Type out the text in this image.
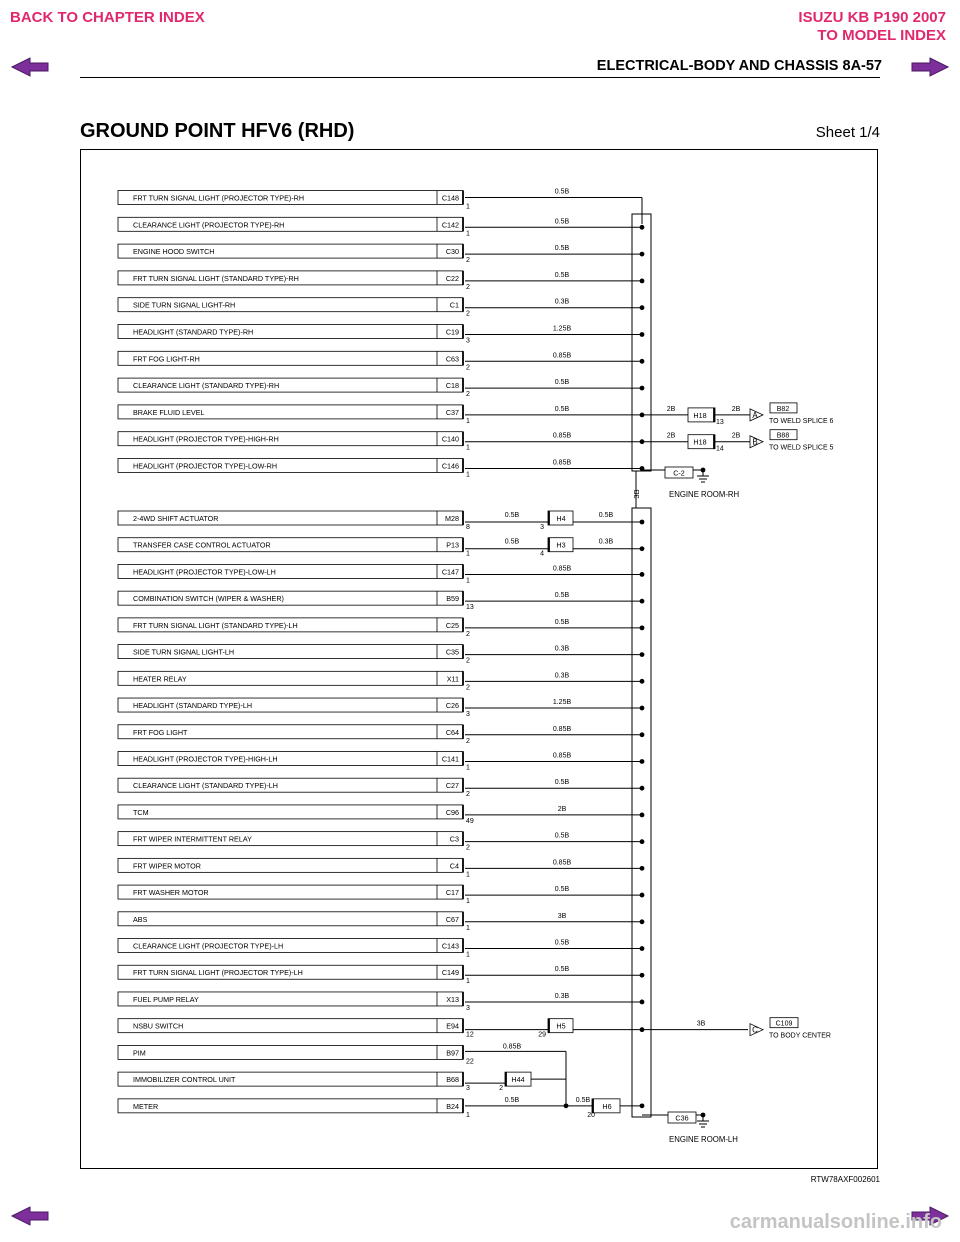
BACK TO CHAPTER INDEX	ISUZU KB P190 2007
TO MODEL INDEX
ELECTRICAL-BODY AND CHASSIS 8A-57
GROUND POINT HFV6 (RHD)	Sheet 1/4
3B
FRT TURN SIGNAL LIGHT (PROJECTOR TYPE)-RH	C148
1
0.5B
CLEARANCE LIGHT (PROJECTOR TYPE)-RH	C142
1
0.5B
ENGINE HOOD SWITCH	C30
2
0.5B
FRT TURN SIGNAL LIGHT (STANDARD TYPE)-RH	C22
2
0.5B
SIDE TURN SIGNAL LIGHT-RH	C1
2
0.3B
HEADLIGHT (STANDARD TYPE)-RH	C19
3
1.25B
FRT FOG LIGHT-RH	C63
2
0.85B
CLEARANCE LIGHT (STANDARD TYPE)-RH	C18
2
0.5B
BRAKE FLUID LEVEL	C37
1
0.5B
HEADLIGHT (PROJECTOR TYPE)-HIGH-RH	C140
1
0.85B
HEADLIGHT (PROJECTOR TYPE)-LOW-RH	C146
1
0.85B
2-4WD SHIFT ACTUATOR	M28
8
H4
3
0.5B	0.5B
TRANSFER CASE CONTROL ACTUATOR	P13
1
H3
4
0.5B	0.3B
HEADLIGHT (PROJECTOR TYPE)-LOW-LH	C147
1
0.85B
COMBINATION SWITCH (WIPER & WASHER)	B59
13
0.5B
FRT TURN SIGNAL LIGHT (STANDARD TYPE)-LH	C25
2
0.5B
SIDE TURN SIGNAL LIGHT-LH	C35
2
0.3B
HEATER RELAY	X11
2
0.3B
HEADLIGHT (STANDARD TYPE)-LH	C26
3
1.25B
FRT FOG LIGHT	C64
2
0.85B
HEADLIGHT (PROJECTOR TYPE)-HIGH-LH	C141
1
0.85B
CLEARANCE LIGHT (STANDARD TYPE)-LH	C27
2
0.5B
TCM	C96
49
2B
FRT WIPER INTERMITTENT RELAY	C3
2
0.5B
FRT WIPER MOTOR	C4
1
0.85B
FRT WASHER MOTOR	C17
1
0.5B
ABS	C67
1
3B
CLEARANCE LIGHT (PROJECTOR TYPE)-LH	C143
1
0.5B
FRT TURN SIGNAL LIGHT (PROJECTOR TYPE)-LH	C149
1
0.5B
FUEL PUMP RELAY	X13
3
0.3B
NSBU SWITCH	E94
12
H5
29
PIM	B97
22
0.85B
IMMOBILIZER CONTROL UNIT	B68
3
H44
2
METER	B24
1
0.5B	0.5B
H6
20
2B
H18
13
2B
A
B82
TO WELD SPLICE 6
2B
H18
14
2B
B
B88
TO WELD SPLICE 5
3B
C
C109
TO BODY CENTER
C-2
ENGINE ROOM-RH
C36
ENGINE ROOM-LH
RTW78AXF002601
carmanualsonline.info
